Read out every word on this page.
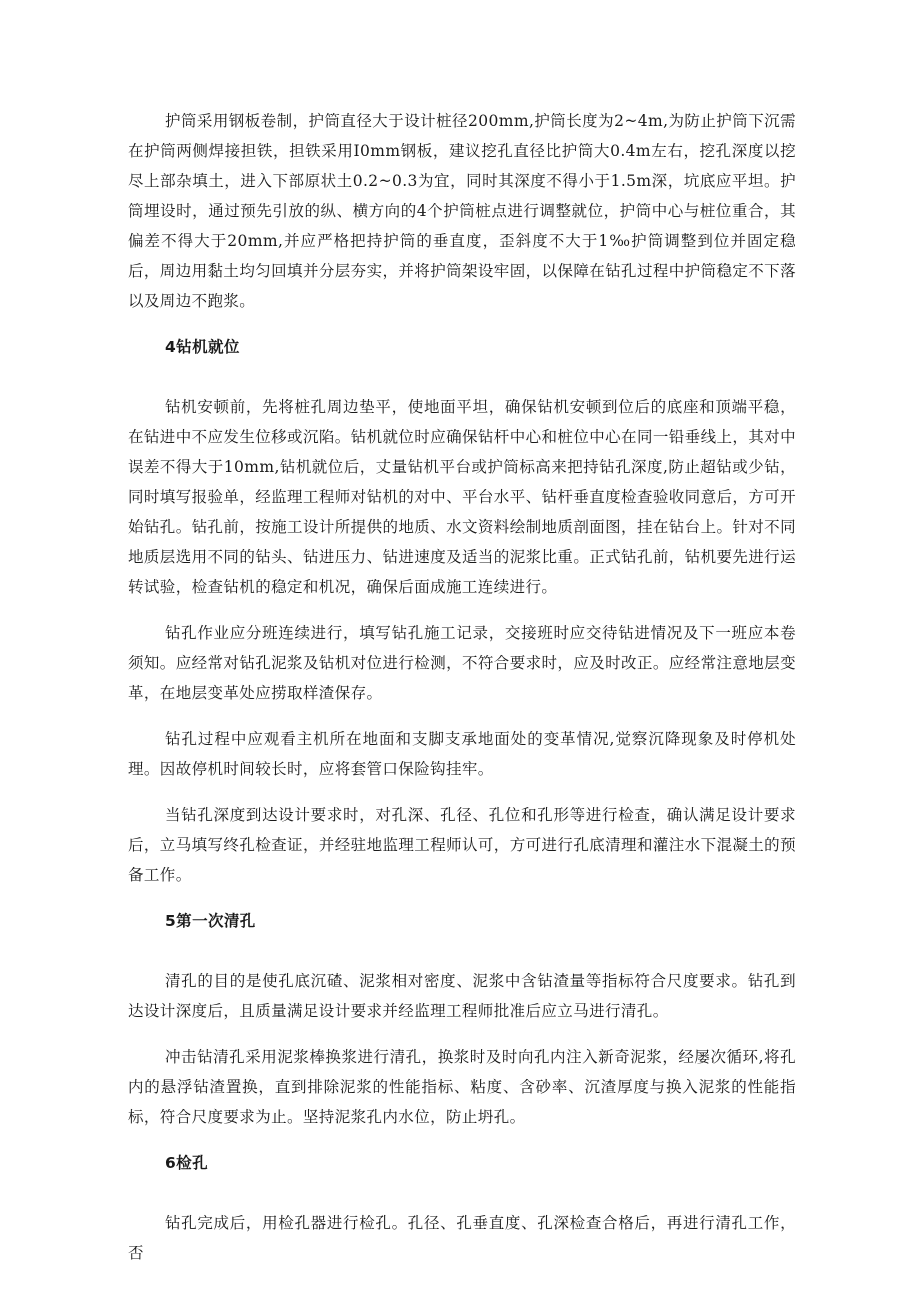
护筒采用钢板卷制，护筒直径大于设计桩径200mm,护筒长度为2~4m,为防止护筒下沉需在护筒两侧焊接担铁，担铁采用I0mm钢板，建议挖孔直径比护筒大0.4m左右，挖孔深度以挖尽上部杂填土，进入下部原状土0.2~0.3为宜，同时其深度不得小于1.5m深，坑底应平坦。护筒埋设时，通过预先引放的纵、横方向的4个护筒桩点进行调整就位，护筒中心与桩位重合，其偏差不得大于20mm,并应严格把持护筒的垂直度，歪斜度不大于1‰护筒调整到位并固定稳后，周边用黏土均匀回填并分层夯实，并将护筒架设牢固，以保障在钻孔过程中护筒稳定不下落以及周边不跑浆。

4钻机就位

钻机安顿前，先将桩孔周边垫平，使地面平坦，确保钻机安顿到位后的底座和顶端平稳，在钻进中不应发生位移或沉陷。钻机就位时应确保钻杆中心和桩位中心在同一铅垂线上，其对中误差不得大于10mm,钻机就位后，丈量钻机平台或护筒标高来把持钻孔深度,防止超钻或少钻，同时填写报验单，经监理工程师对钻机的对中、平台水平、钻杆垂直度检查验收同意后，方可开始钻孔。钻孔前，按施工设计所提供的地质、水文资料绘制地质剖面图，挂在钻台上。针对不同地质层选用不同的钻头、钻进压力、钻进速度及适当的泥浆比重。正式钻孔前，钻机要先进行运转试验，检查钻机的稳定和机况，确保后面成施工连续进行。

钻孔作业应分班连续进行，填写钻孔施工记录，交接班时应交待钻进情况及下一班应本卷须知。应经常对钻孔泥浆及钻机对位进行检测，不符合要求时，应及时改正。应经常注意地层变革，在地层变革处应捞取样渣保存。

钻孔过程中应观看主机所在地面和支脚支承地面处的变革情况,觉察沉降现象及时停机处理。因故停机时间较长时，应将套管口保险钩挂牢。

当钻孔深度到达设计要求时，对孔深、孔径、孔位和孔形等进行检查，确认满足设计要求后，立马填写终孔检查证，并经驻地监理工程师认可，方可进行孔底清理和灌注水下混凝土的预备工作。

5第一次清孔

清孔的目的是使孔底沉碴、泥浆相对密度、泥浆中含钻渣量等指标符合尺度要求。钻孔到达设计深度后，且质量满足设计要求并经监理工程师批准后应立马进行清孔。

冲击钻清孔采用泥浆棒换浆进行清孔，换浆时及时向孔内注入新奇泥浆，经屡次循环,将孔内的悬浮钻渣置换，直到排除泥浆的性能指标、粘度、含砂率、沉渣厚度与换入泥浆的性能指标，符合尺度要求为止。坚持泥浆孔内水位，防止坍孔。

6检孔

钻孔完成后，用检孔器进行检孔。孔径、孔垂直度、孔深检查合格后，再进行清孔工作，否
